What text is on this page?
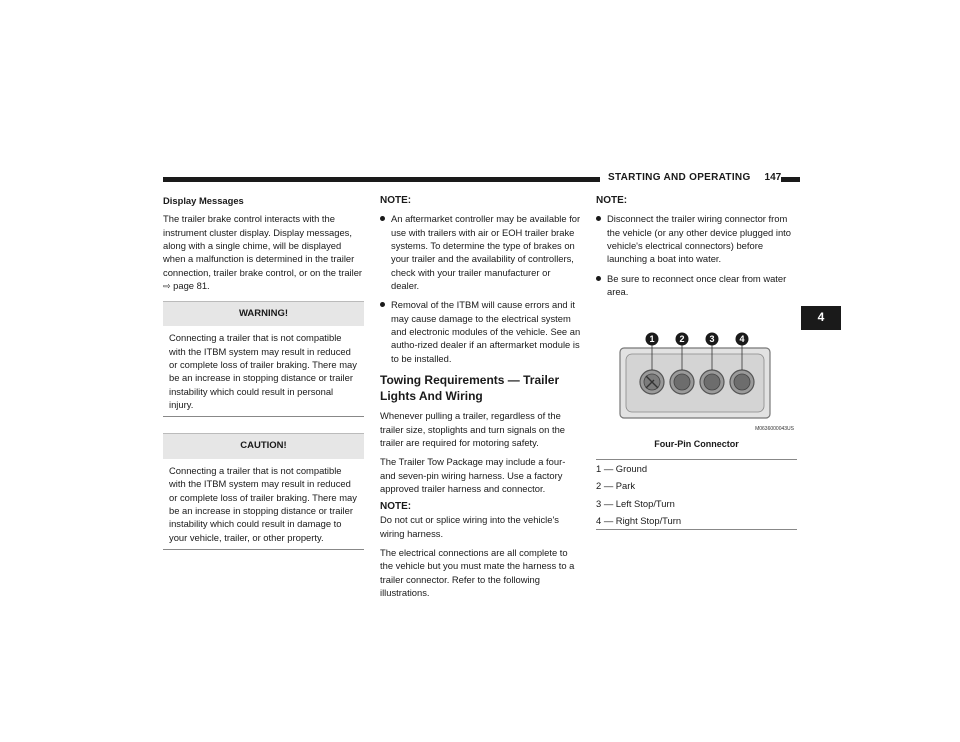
STARTING AND OPERATING 147
4

Display Messages

The trailer brake control interacts with the instrument cluster display. Display messages, along with a single chime, will be displayed when a malfunction is determined in the trailer connection, trailer brake control, or on the trailer
⇨ page 81.

WARNING!
Connecting a trailer that is not compatible with the ITBM system may result in reduced or complete loss of trailer braking. There may be an increase in stopping distance or trailer instability which could result in personal injury.
CAUTION!
Connecting a trailer that is not compatible with the ITBM system may result in reduced or complete loss of trailer braking. There may be an increase in stopping distance or trailer instability which could result in damage to your vehicle, trailer, or other property.

NOTE:

An aftermarket controller may be available for use with trailers with air or EOH trailer brake systems. To determine the type of brakes on your trailer and the availability of controllers, check with your trailer manufacturer or dealer.
Removal of the ITBM will cause errors and it may cause damage to the electrical system and electronic modules of the vehicle. See an autho-rized dealer if an aftermarket module is to be installed.
Towing Requirements — Trailer Lights And Wiring

Whenever pulling a trailer, regardless of the trailer size, stoplights and turn signals on the trailer are required for motoring safety.

The Trailer Tow Package may include a four- and seven-pin wiring harness. Use a factory approved trailer harness and connector.

NOTE:
Do not cut or splice wiring into the vehicle's wiring harness.

The electrical connections are all complete to the vehicle but you must mate the harness to a trailer connector. Refer to the following illustrations.

NOTE:

Disconnect the trailer wiring connector from the vehicle (or any other device plugged into vehicle's electrical connectors) before launching a boat into water.
Be sure to reconnect once clear from water area.
1	2	3	4
M0636000043US

Four-Pin Connector

1 — Ground
2 — Park
3 — Left Stop/Turn
4 — Right Stop/Turn
